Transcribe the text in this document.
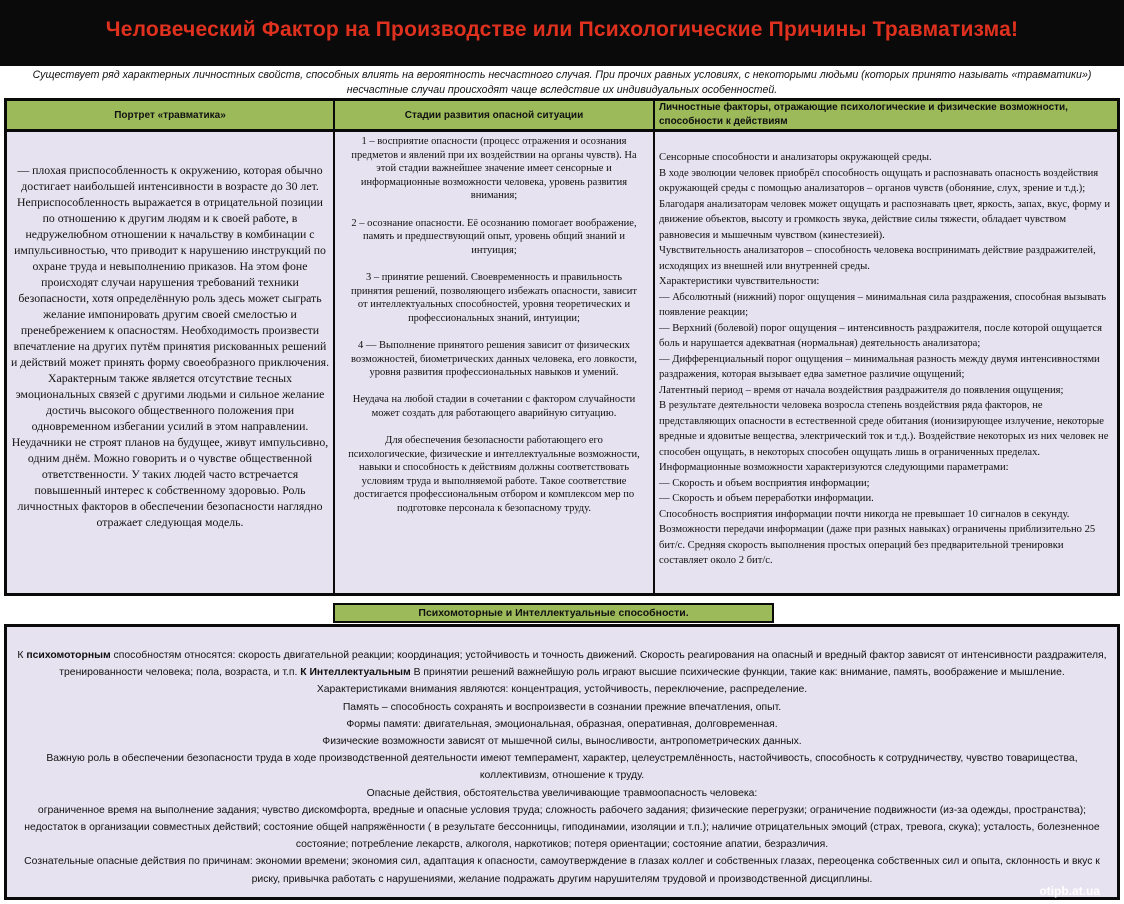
Человеческий Фактор на Производстве или Психологические Причины Травматизма!
Существует ряд характерных личностных свойств, способных влиять на вероятность несчастного случая. При прочих равных условиях, с некоторыми людьми (которых принято называть «травматики») несчастные случаи происходят чаще вследствие их индивидуальных особенностей.
Портрет «травматика»	Стадии развития опасной ситуации
Личностные факторы, отражающие психологические и физические возможности, способности к действиям
— плохая приспособленность к окружению, которая обычно достигает наибольшей интенсивности в возрасте до 30 лет. Неприспособленность выражается в отрицательной позиции по отношению к другим людям и к своей работе, в недружелюбном отношении к начальству в комбинации с импульсивностью, что приводит к нарушению инструкций по охране труда и невыполнению приказов. На этом фоне происходят случаи нарушения требований техники безопасности, хотя определённую роль здесь может сыграть желание импонировать другим своей смелостью и пренебрежением к опасностям. Необходимость произвести впечатление на других путём принятия рискованных решений и действий может принять форму своеобразного приключения. Характерным также является отсутствие тесных эмоциональных связей с другими людьми и сильное желание достичь высокого общественного положения при одновременном избегании усилий в этом направлении. Неудачники не строят планов на будущее, живут импульсивно, одним днём. Можно говорить и о чувстве общественной ответственности. У таких людей часто встречается повышенный интерес к собственному здоровью. Роль личностных факторов в обеспечении безопасности наглядно отражает следующая модель.

1 – восприятие опасности (процесс отражения и осознания предметов и явлений при их воздействии на органы чувств). На этой стадии важнейшее значение имеет сенсорные и информационные возможности человека, уровень развития внимания;

2 – осознание опасности. Её осознанию помогает воображение, память и предшествующий опыт, уровень общий знаний и интуиция;

3 – принятие решений. Своевременность и правильность принятия решений, позволяющего избежать опасности, зависит от интеллектуальных способностей, уровня теоретических и профессиональных знаний, интуиции;

4 — Выполнение принятого решения зависит от физических возможностей, биометрических данных человека, его ловкости, уровня развития профессиональных навыков и умений.

Неудача на любой стадии в сочетании с фактором случайности может создать для работающего аварийную ситуацию.

Для обеспечения безопасности работающего его психологические, физические и интеллектуальные возможности, навыки и способность к действиям должны соответствовать условиям труда и выполняемой работе. Такое соответствие достигается профессиональным отбором и комплексом мер по подготовке персонала к безопасному труду.

Сенсорные способности и анализаторы окружающей среды.
В ходе эволюции человек приобрёл способность ощущать и распознавать опасность воздействия окружающей среды с помощью анализаторов – органов чувств (обоняние, слух, зрение и т.д.);
Благодаря анализаторам человек может ощущать и распознавать цвет, яркость, запах, вкус, форму и движение объектов, высоту и громкость звука, действие силы тяжести, обладает чувством равновесия и мышечным чувством (кинестезией).
Чувствительность анализаторов – способность человека воспринимать действие раздражителей, исходящих из внешней или внутренней среды.
Характеристики чувствительности:
— Абсолютный (нижний) порог ощущения – минимальная сила раздражения, способная вызывать появление реакции;
— Верхний (болевой) порог ощущения – интенсивность раздражителя, после которой ощущается боль и нарушается адекватная (нормальная) деятельность анализатора;
— Дифференциальный порог ощущения – минимальная разность между двумя интенсивностями раздражения, которая вызывает едва заметное различие ощущений;
Латентный период – время от начала воздействия раздражителя до появления ощущения;
В результате деятельности человека возросла степень воздействия ряда факторов, не представляющих опасности в естественной среде обитания (ионизирующее излучение, некоторые вредные и ядовитые вещества, электрический ток и т.д.). Воздействие некоторых из них человек не способен ощущать, в некоторых способен ощущать лишь в ограниченных пределах.
Информационные возможности характеризуются следующими параметрами:
— Скорость и объем восприятия информации;
— Скорость и объем переработки информации.
Способность восприятия информации почти никогда не превышает 10 сигналов в секунду. Возможности передачи информации (даже при разных навыках) ограничены приблизительно 25 бит/с. Средняя скорость выполнения простых операций без предварительной тренировки составляет около 2 бит/с.
Психомоторные и Интеллектуальные способности.
К психомоторным способностям относятся: скорость двигательной реакции; координация; устойчивость и точность движений. Скорость реагирования на опасный и вредный фактор зависят от интенсивности раздражителя, тренированности человека; пола, возраста, и т.п. К Интеллектуальным В принятии решений важнейшую роль играют высшие психические функции, такие как: внимание, память, воображение и мышление.
Характеристиками внимания являются: концентрация, устойчивость, переключение, распределение.
Память – способность сохранять и воспроизвести в сознании прежние впечатления, опыт.
Формы памяти: двигательная, эмоциональная, образная, оперативная, долговременная.
Физические возможности зависят от мышечной силы, выносливости, антропометрических данных.
Важную роль в обеспечении безопасности труда в ходе производственной деятельности имеют темперамент, характер, целеустремлённость, настойчивость, способность к сотрудничеству, чувство товарищества, коллективизм, отношение к труду.
Опасные действия, обстоятельства увеличивающие травмоопасность человека:
ограниченное время на выполнение задания; чувство дискомфорта, вредные и опасные условия труда; сложность рабочего задания; физические перегрузки; ограничение подвижности (из-за одежды, пространства); недостаток в организации совместных действий; состояние общей напряжённости ( в результате бессонницы, гиподинамии, изоляции и т.п.); наличие отрицательных эмоций (страх, тревога, скука); усталость, болезненное состояние; потребление лекарств, алкоголя, наркотиков; потеря ориентации; состояние апатии, безразличия.
Сознательные опасные действия по причинам: экономии времени; экономия сил, адаптация к опасности, самоутверждение в глазах коллег и собственных глазах, переоценка собственных сил и опыта, склонность и вкус к риску, привычка работать с нарушениями, желание подражать другим нарушителям трудовой и производственной дисциплины.
otipb.at.ua
